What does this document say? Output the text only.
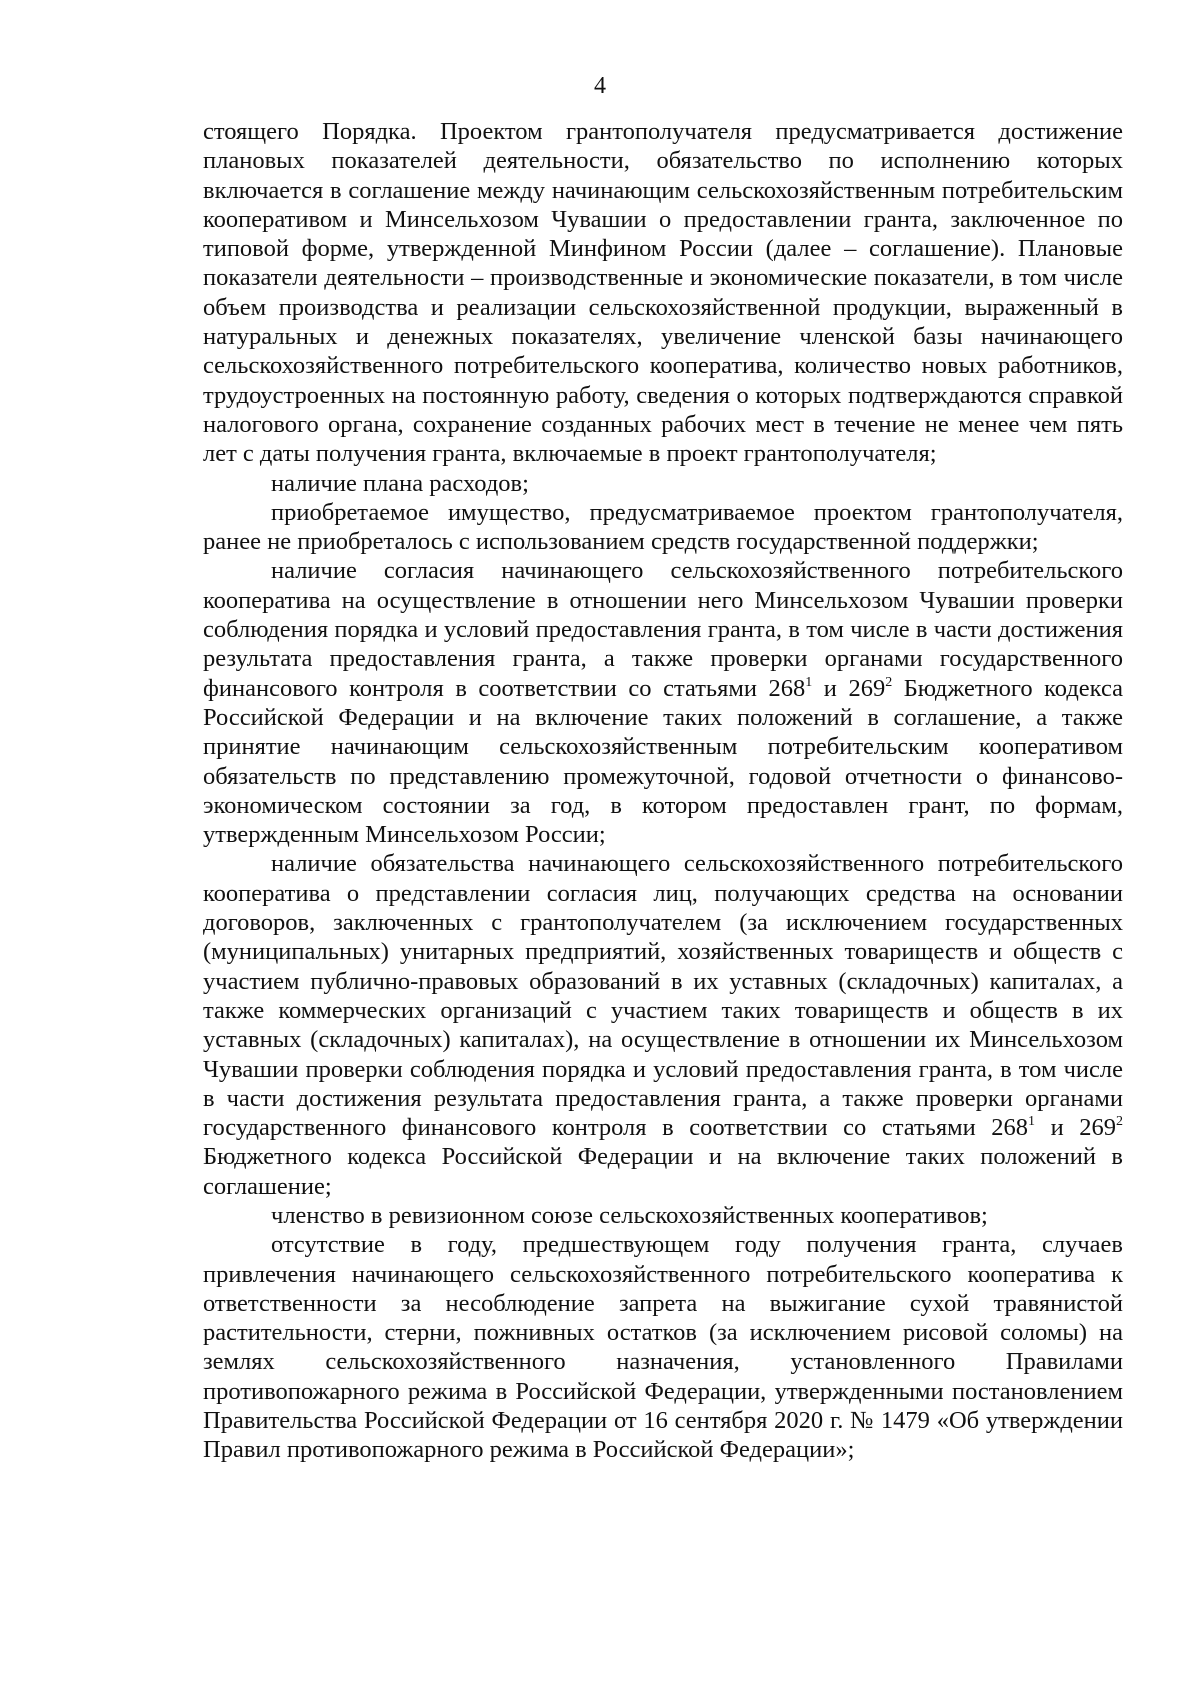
4

стоящего Порядка. Проектом грантополучателя предусматривается достижение плановых показателей деятельности, обязательство по исполнению которых включается в соглашение между начинающим сельскохозяйственным потребительским кооперативом и Минсельхозом Чувашии о предоставлении гранта, заключенное по типовой форме, утвержденной Минфином России (далее – соглашение). Плановые показатели деятельности – производственные и экономические показатели, в том числе объем производства и реализации сельскохозяйственной продукции, выраженный в натуральных и денежных показателях, увеличение членской базы начинающего сельскохозяйственного потребительского кооператива, количество новых работников, трудоустроенных на постоянную работу, сведения о которых подтверждаются справкой налогового органа, сохранение созданных рабочих мест в течение не менее чем пять лет с даты получения гранта, включаемые в проект грантополучателя;

наличие плана расходов;

приобретаемое имущество, предусматриваемое проектом грантополучателя, ранее не приобреталось с использованием средств государственной поддержки;

наличие согласия начинающего сельскохозяйственного потребительского кооператива на осуществление в отношении него Минсельхозом Чувашии проверки соблюдения порядка и условий предоставления гранта, в том числе в части достижения результата предоставления гранта, а также проверки органами государственного финансового контроля в соответствии со статьями $268^1$ и $269^2$ Бюджетного кодекса Российской Федерации и на включение таких положений в соглашение, а также принятие начинающим сельскохозяйственным потребительским кооперативом обязательств по представлению промежуточной, годовой отчетности о финансово-экономическом состоянии за год, в котором предоставлен грант, по формам, утвержденным Минсельхозом России;

наличие обязательства начинающего сельскохозяйственного потребительского кооператива о представлении согласия лиц, получающих средства на основании договоров, заключенных с грантополучателем (за исключением государственных (муниципальных) унитарных предприятий, хозяйственных товариществ и обществ с участием публично-правовых образований в их уставных (складочных) капиталах, а также коммерческих организаций с участием таких товариществ и обществ в их уставных (складочных) капиталах), на осуществление в отношении их Минсельхозом Чувашии проверки соблюдения порядка и условий предоставления гранта, в том числе в части достижения результата предоставления гранта, а также проверки органами государственного финансового контроля в соответствии со статьями $268^1$ и $269^2$ Бюджетного кодекса Российской Федерации и на включение таких положений в соглашение;

членство в ревизионном союзе сельскохозяйственных кооперативов;

отсутствие в году, предшествующем году получения гранта, случаев привлечения начинающего сельскохозяйственного потребительского кооператива к ответственности за несоблюдение запрета на выжигание сухой травянистой растительности, стерни, пожнивных остатков (за исключением рисовой соломы) на землях сельскохозяйственного назначения, установленного Правилами противопожарного режима в Российской Федерации, утвержденными постановлением Правительства Российской Федерации от 16 сентября 2020 г. № 1479 «Об утверждении Правил противопожарного режима в Российской Федерации»;
